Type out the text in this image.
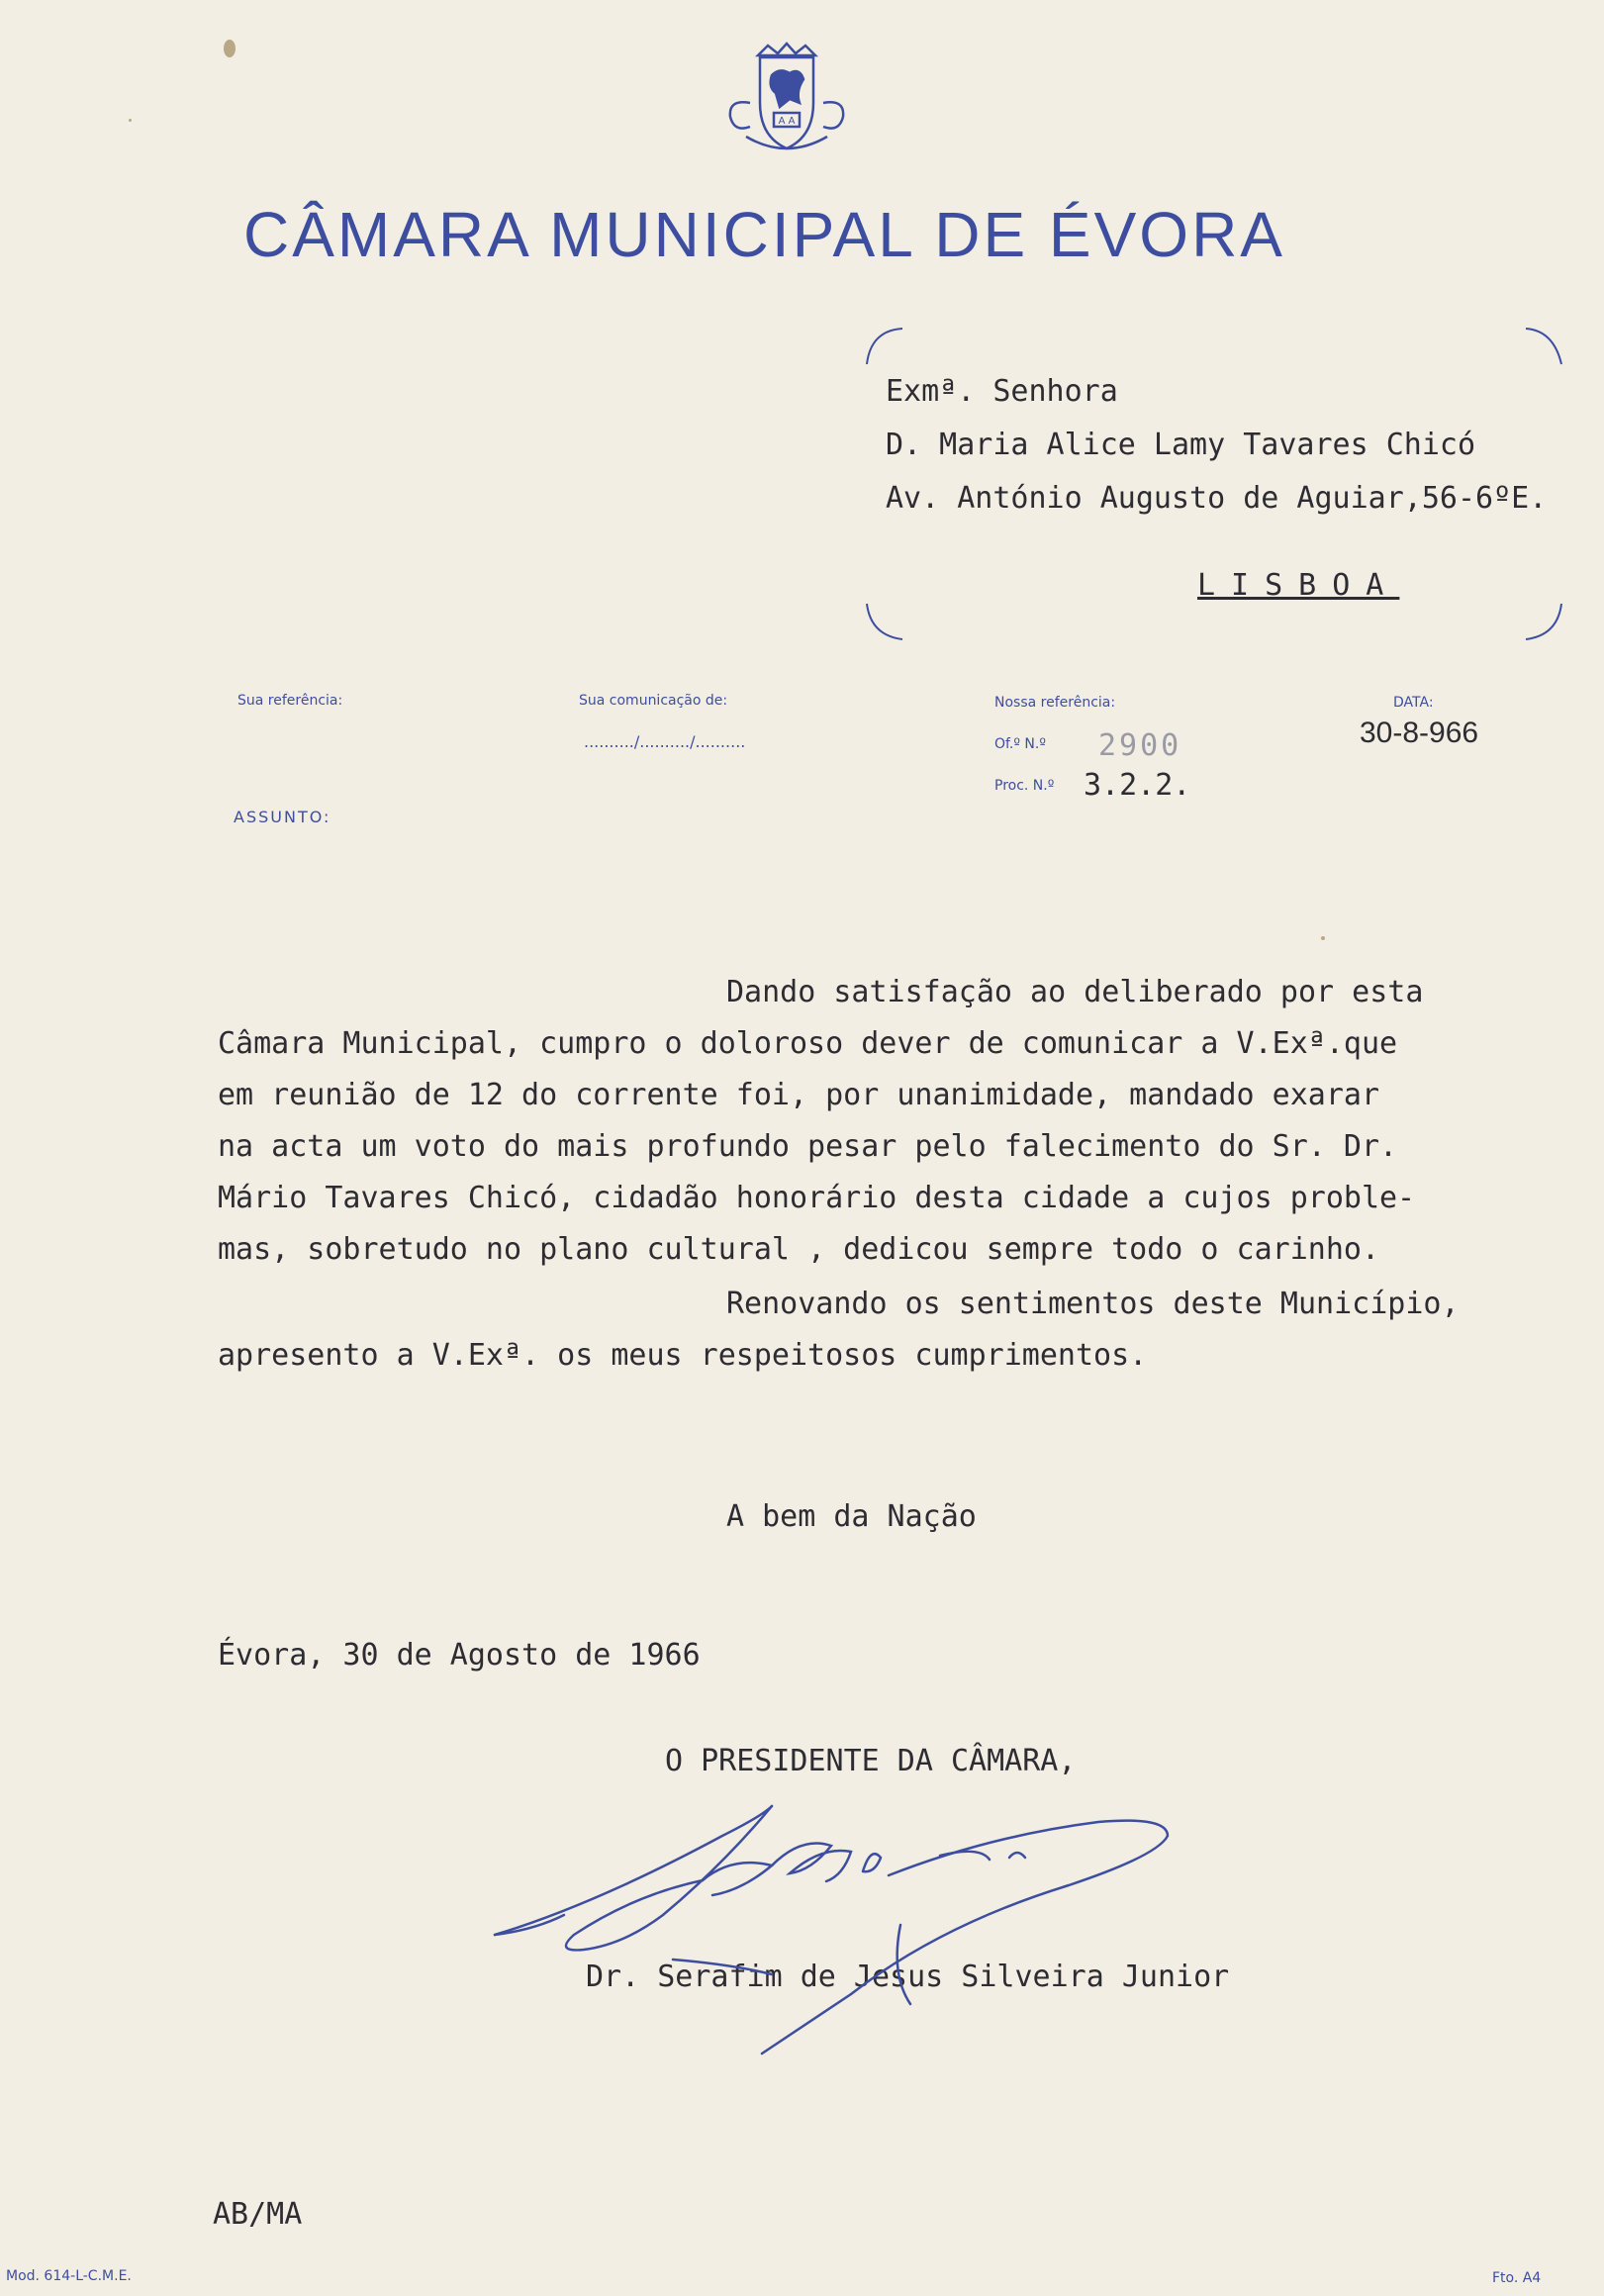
A A
CÂMARA MUNICIPAL DE ÉVORA
Exmª. Senhora
D. Maria Alice Lamy Tavares Chicó
Av. António Augusto de Aguiar,56-6ºE.
LISBOA
Sua referência:	Sua comunicação de:
........../........../..........
Nossa referência:
Of.º N.º 2900
Proc. N.º 3.2.2.
DATA:
30-8-966
ASSUNTO:
Dando satisfação ao deliberado por esta
Câmara Municipal, cumpro o doloroso dever de comunicar a V.Exª.que
em reunião de 12 do corrente foi, por unanimidade, mandado exarar
na acta um voto do mais profundo pesar pelo falecimento do Sr. Dr.
Mário Tavares Chicó, cidadão honorário desta cidade a cujos proble-
mas, sobretudo no plano cultural , dedicou sempre todo o carinho.
Renovando os sentimentos deste Município,
apresento a V.Exª. os meus respeitosos cumprimentos.
A bem da Nação
Évora, 30 de Agosto de 1966
O PRESIDENTE DA CÂMARA,
Dr. Serafim de Jesus Silveira Junior
AB/MA
Mod. 614-L-C.M.E.	Fto. A4
